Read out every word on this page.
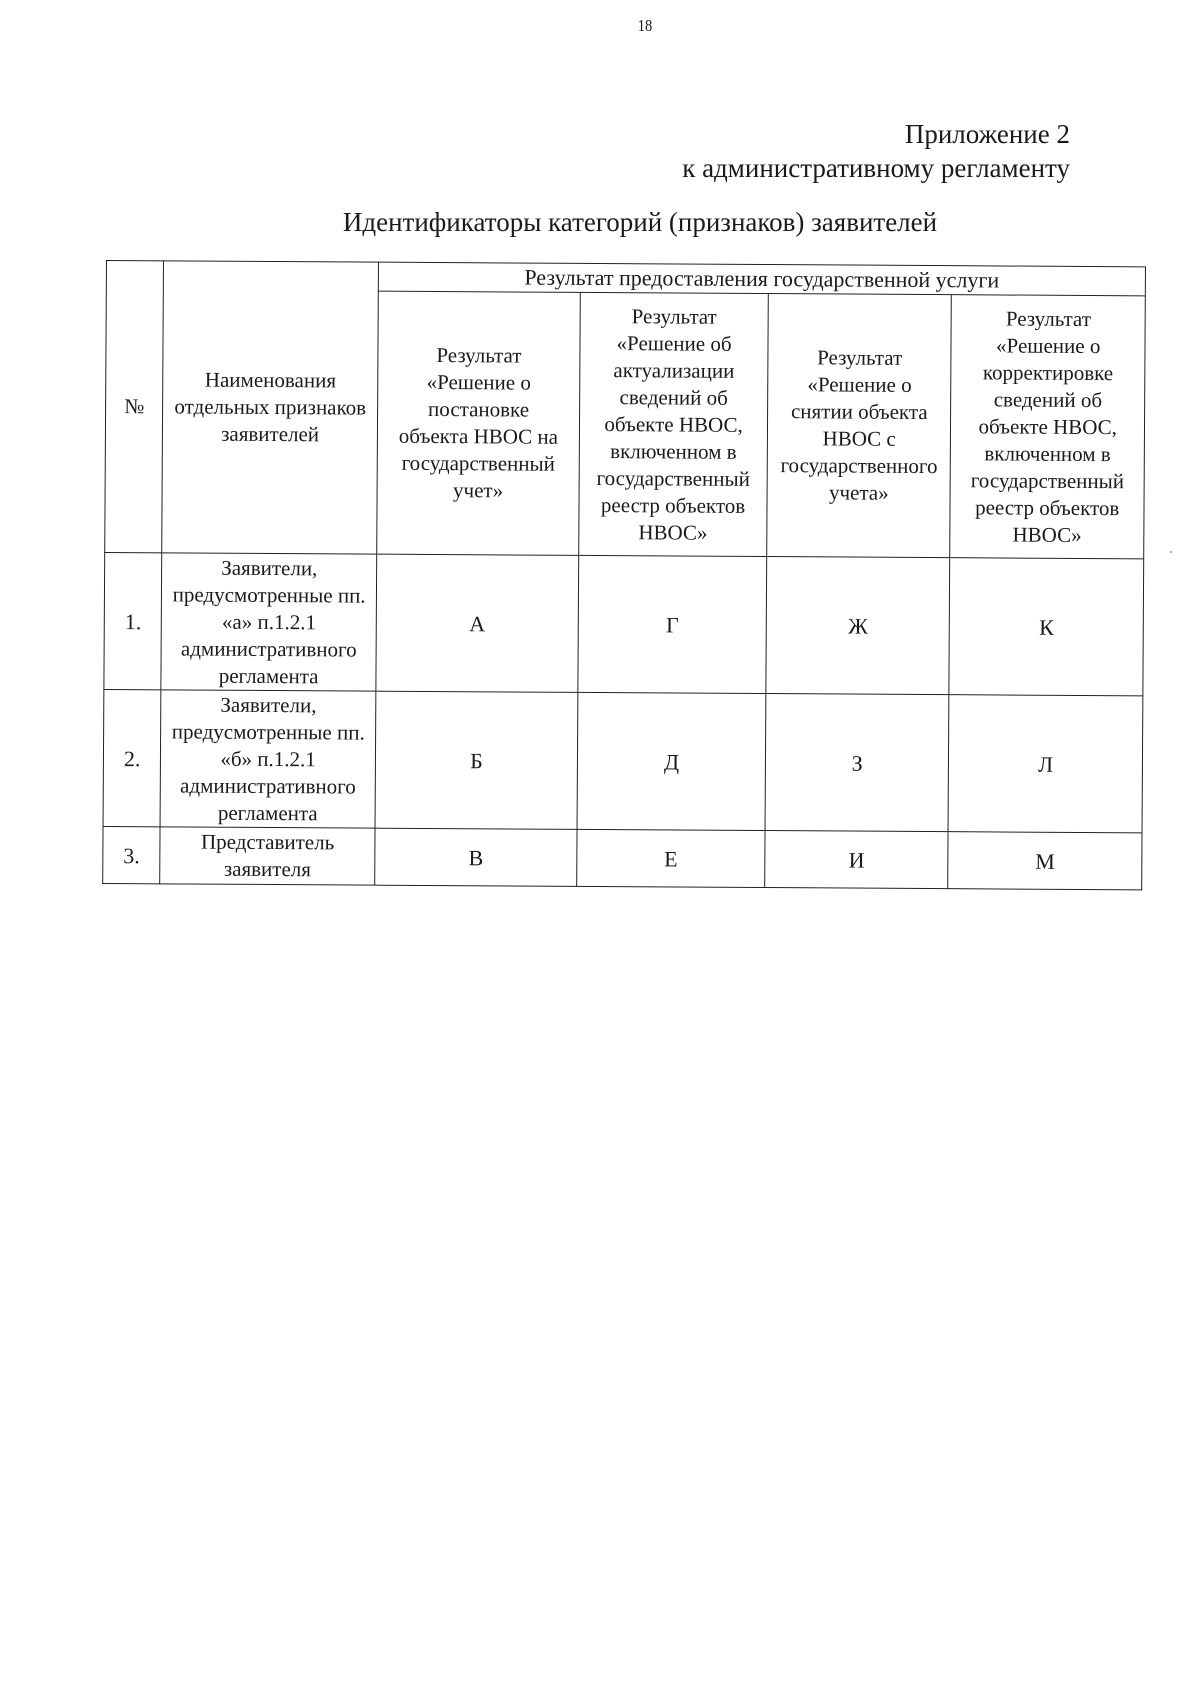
18
Приложение 2
к административному регламенту
Идентификаторы категорий (признаков) заявителей
№	Наименования отдельных признаков заявителей	Результат предоставления государственной услуги			
		Результат «Решение о постановке объекта НВОС на государственный учет»	Результат «Решение об актуализации сведений об объекте НВОС, включенном в государственный реестр объектов НВОС»	Результат «Решение о снятии объекта НВОС с государственного учета»	Результат «Решение о корректировке сведений об объекте НВОС, включенном в государственный реестр объектов НВОС»
1.	Заявители, предусмотренные пп. «а» п.1.2.1 административного регламента	А	Г	Ж	К
2.	Заявители, предусмотренные пп. «б» п.1.2.1 административного регламента	Б	Д	З	Л
3.	Представитель заявителя	В	Е	И	М
